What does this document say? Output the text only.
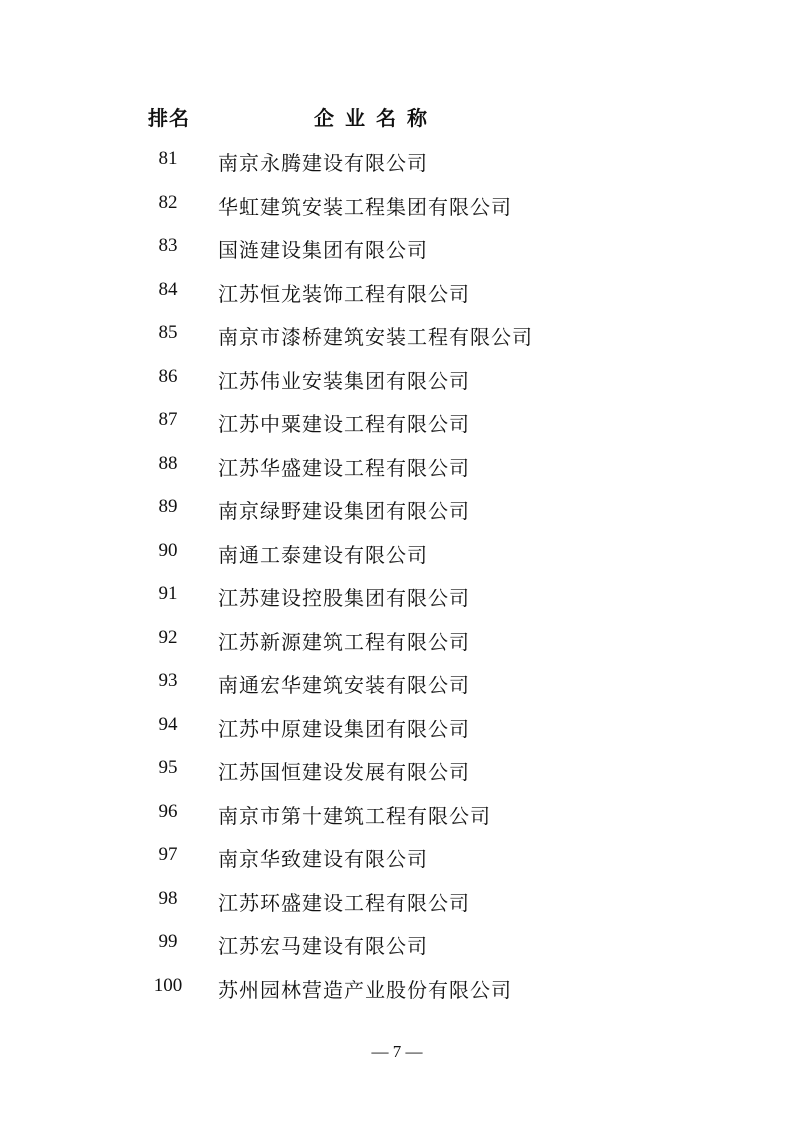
排名	企业名称
81	南京永腾建设有限公司
82	华虹建筑安装工程集团有限公司
83	国涟建设集团有限公司
84	江苏恒龙装饰工程有限公司
85	南京市漆桥建筑安装工程有限公司
86	江苏伟业安装集团有限公司
87	江苏中粟建设工程有限公司
88	江苏华盛建设工程有限公司
89	南京绿野建设集团有限公司
90	南通工泰建设有限公司
91	江苏建设控股集团有限公司
92	江苏新源建筑工程有限公司
93	南通宏华建筑安装有限公司
94	江苏中原建设集团有限公司
95	江苏国恒建设发展有限公司
96	南京市第十建筑工程有限公司
97	南京华致建设有限公司
98	江苏环盛建设工程有限公司
99	江苏宏马建设有限公司
100	苏州园林营造产业股份有限公司
— 7 —
